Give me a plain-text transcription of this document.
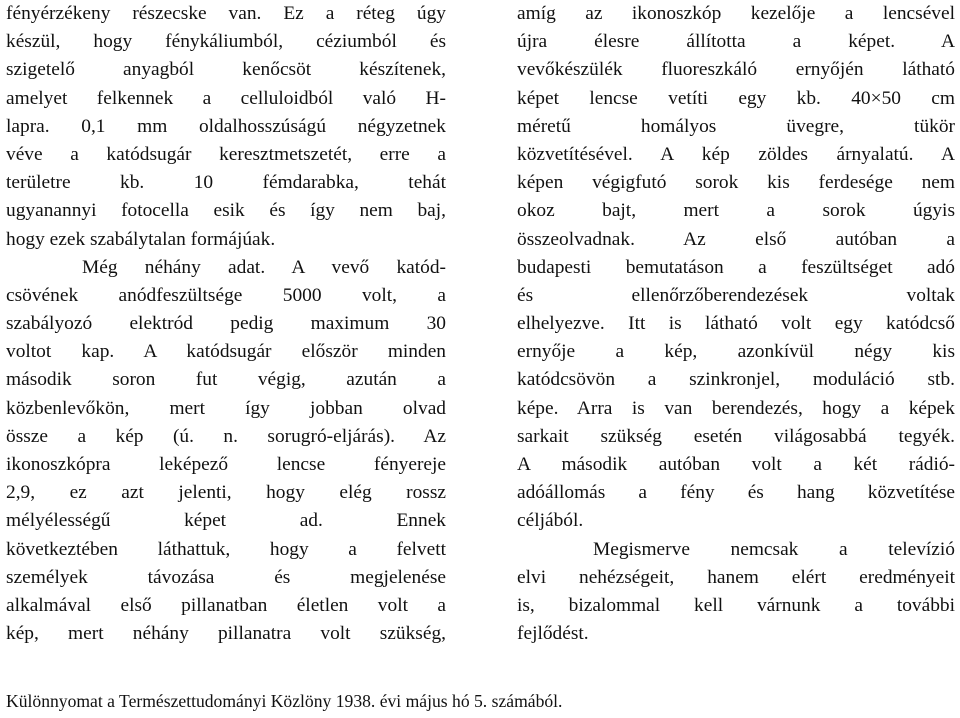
fényérzékeny részecske van. Ez a réteg úgy
készül, hogy fénykáliumból, céziumból és
szigetelő anyagból kenőcsöt készítenek,
amelyet felkennek a celluloidból való H-
lapra. 0,1 mm oldalhosszúságú négyzetnek
véve a katódsugár keresztmetszetét, erre a
területre kb. 10 fémdarabka, tehát
ugyanannyi fotocella esik és így nem baj,
hogy ezek szabálytalan formájúak.
Még néhány adat. A vevő katód-
csövének anódfeszültsége 5000 volt, a
szabályozó elektród pedig maximum 30
voltot kap. A katódsugár először minden
második soron fut végig, azután a
közbenlevőkön, mert így jobban olvad
össze a kép (ú. n. sorugró-eljárás). Az
ikonoszkópra leképező lencse fényereje
2,9, ez azt jelenti, hogy elég rossz
mélyélességű képet ad. Ennek
következtében láthattuk, hogy a felvett
személyek távozása és megjelenése
alkalmával első pillanatban életlen volt a
kép, mert néhány pillanatra volt szükség,
amíg az ikonoszkóp kezelője a lencsével
újra élesre állította a képet. A
vevőkészülék fluoreszkáló ernyőjén látható
képet lencse vetíti egy kb. 40×50 cm
méretű homályos üvegre, tükör
közvetítésével. A kép zöldes árnyalatú. A
képen végigfutó sorok kis ferdesége nem
okoz bajt, mert a sorok úgyis
összeolvadnak. Az első autóban a
budapesti bemutatáson a feszültséget adó
és ellenőrzőberendezések voltak
elhelyezve. Itt is látható volt egy katódcső
ernyője a kép, azonkívül négy kis
katódcsövön a szinkronjel, moduláció stb.
képe. Arra is van berendezés, hogy a képek
sarkait szükség esetén világosabbá tegyék.
A második autóban volt a két rádió-
adóállomás a fény és hang közvetítése
céljából.
Megismerve nemcsak a televízió
elvi nehézségeit, hanem elért eredményeit
is, bizalommal kell várnunk a további
fejlődést.
Különnyomat a Természettudományi Közlöny 1938. évi május hó 5. számából.
